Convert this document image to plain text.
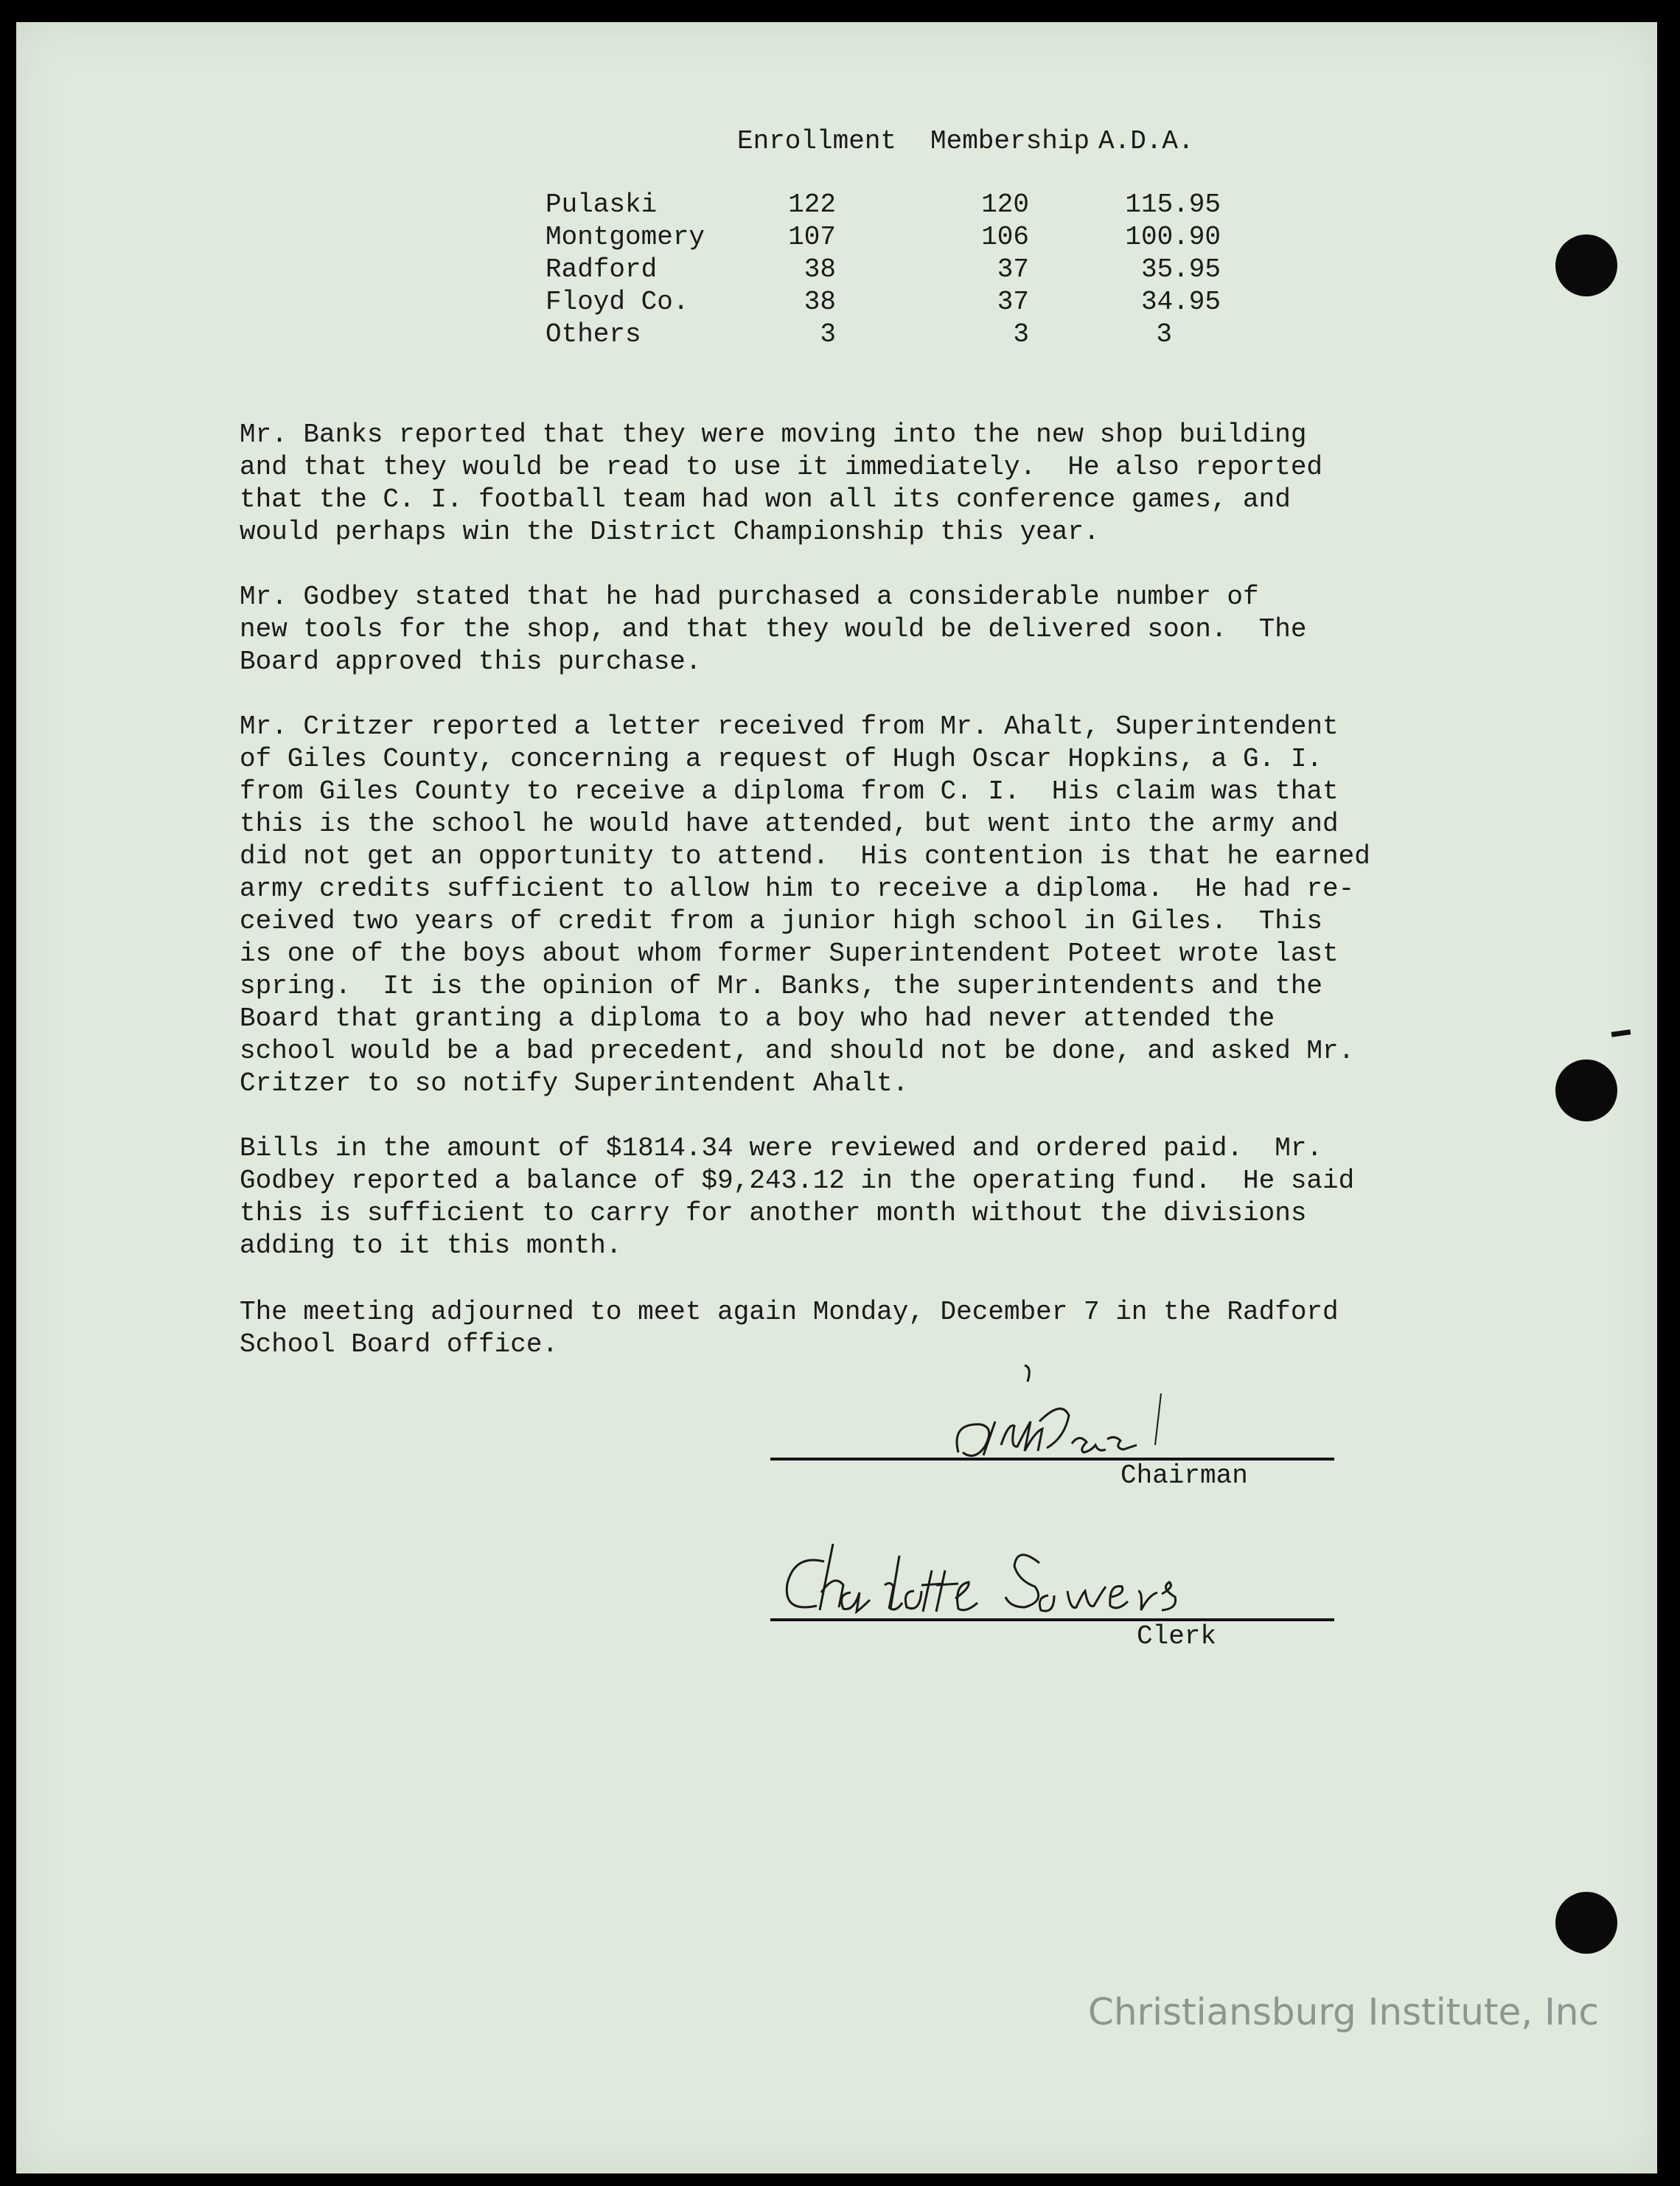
Enrollment Membership A.D.A.

Pulaski	122	120	115.95

Montgomery	107	106	100.90

Radford	38	37	35.95

Floyd Co.	38	37	34.95

Others	3	3	3

Mr. Banks reported that they were moving into the new shop building

and that they would be read to use it immediately.  He also reported

that the C. I. football team had won all its conference games, and

would perhaps win the District Championship this year.

Mr. Godbey stated that he had purchased a considerable number of

new tools for the shop, and that they would be delivered soon.  The

Board approved this purchase.

Mr. Critzer reported a letter received from Mr. Ahalt, Superintendent

of Giles County, concerning a request of Hugh Oscar Hopkins, a G. I.

from Giles County to receive a diploma from C. I.  His claim was that

this is the school he would have attended, but went into the army and

did not get an opportunity to attend.  His contention is that he earned

army credits sufficient to allow him to receive a diploma.  He had re-

ceived two years of credit from a junior high school in Giles.  This

is one of the boys about whom former Superintendent Poteet wrote last

spring.  It is the opinion of Mr. Banks, the superintendents and the

Board that granting a diploma to a boy who had never attended the

school would be a bad precedent, and should not be done, and asked Mr.

Critzer to so notify Superintendent Ahalt.

Bills in the amount of $1814.34 were reviewed and ordered paid.  Mr.

Godbey reported a balance of $9,243.12 in the operating fund.  He said

this is sufficient to carry for another month without the divisions

adding to it this month.

The meeting adjourned to meet again Monday, December 7 in the Radford

School Board office.

Chairman

Clerk

Christiansburg Institute, Inc
